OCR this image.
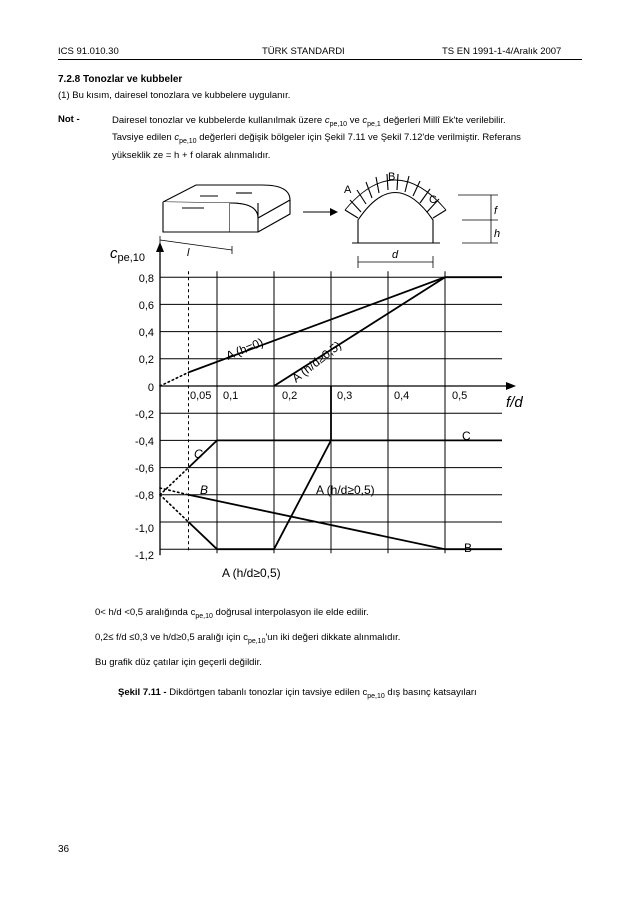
ICS 91.010.30	TÜRK STANDARDI	TS EN 1991-1-4/Aralık 2007
7.2.8 Tonozlar ve kubbeler
(1) Bu kısım, dairesel tonozlara ve kubbelere uygulanır.
Not -	Dairesel tonozlar ve kubbelerde kullanılmak üzere $c_{pe,10}$ ve $c_{pe,1}$ değerleri Millî Ek'te verilebilir.
Tavsiye edilen $c_{pe,10}$ değerleri değişik bölgeler için Şekil 7.11 ve Şekil 7.12'de verilmiştir. Referans
yükseklik ze = h + f olarak alınmalıdır.
l
A
B
C
d
f
h
$c_{pe,10}$
f/d
0,8
0,6
0,4
0,2
0
-0,2
-0,4
-0,6
-0,8
-1,0
-1,2
0,05 0,1	0,2	0,3	0,4	0,5
A (h=0) A (h/d≥0,5)
C
C
B	A (h/d≥0,5)
B
A (h/d≥0,5)
0< h/d <0,5 aralığında $c_{pe,10}$ doğrusal interpolasyon ile elde edilir.
0,2≤ f/d ≤0,3 ve h/d≥0,5 aralığı için $c_{pe,10}'un$ iki değeri dikkate alınmalıdır.
Bu grafik düz çatılar için geçerli değildir.
Şekil 7.11 - Dikdörtgen tabanlı tonozlar için tavsiye edilen $c_{pe,10}$ dış basınç katsayıları
36
